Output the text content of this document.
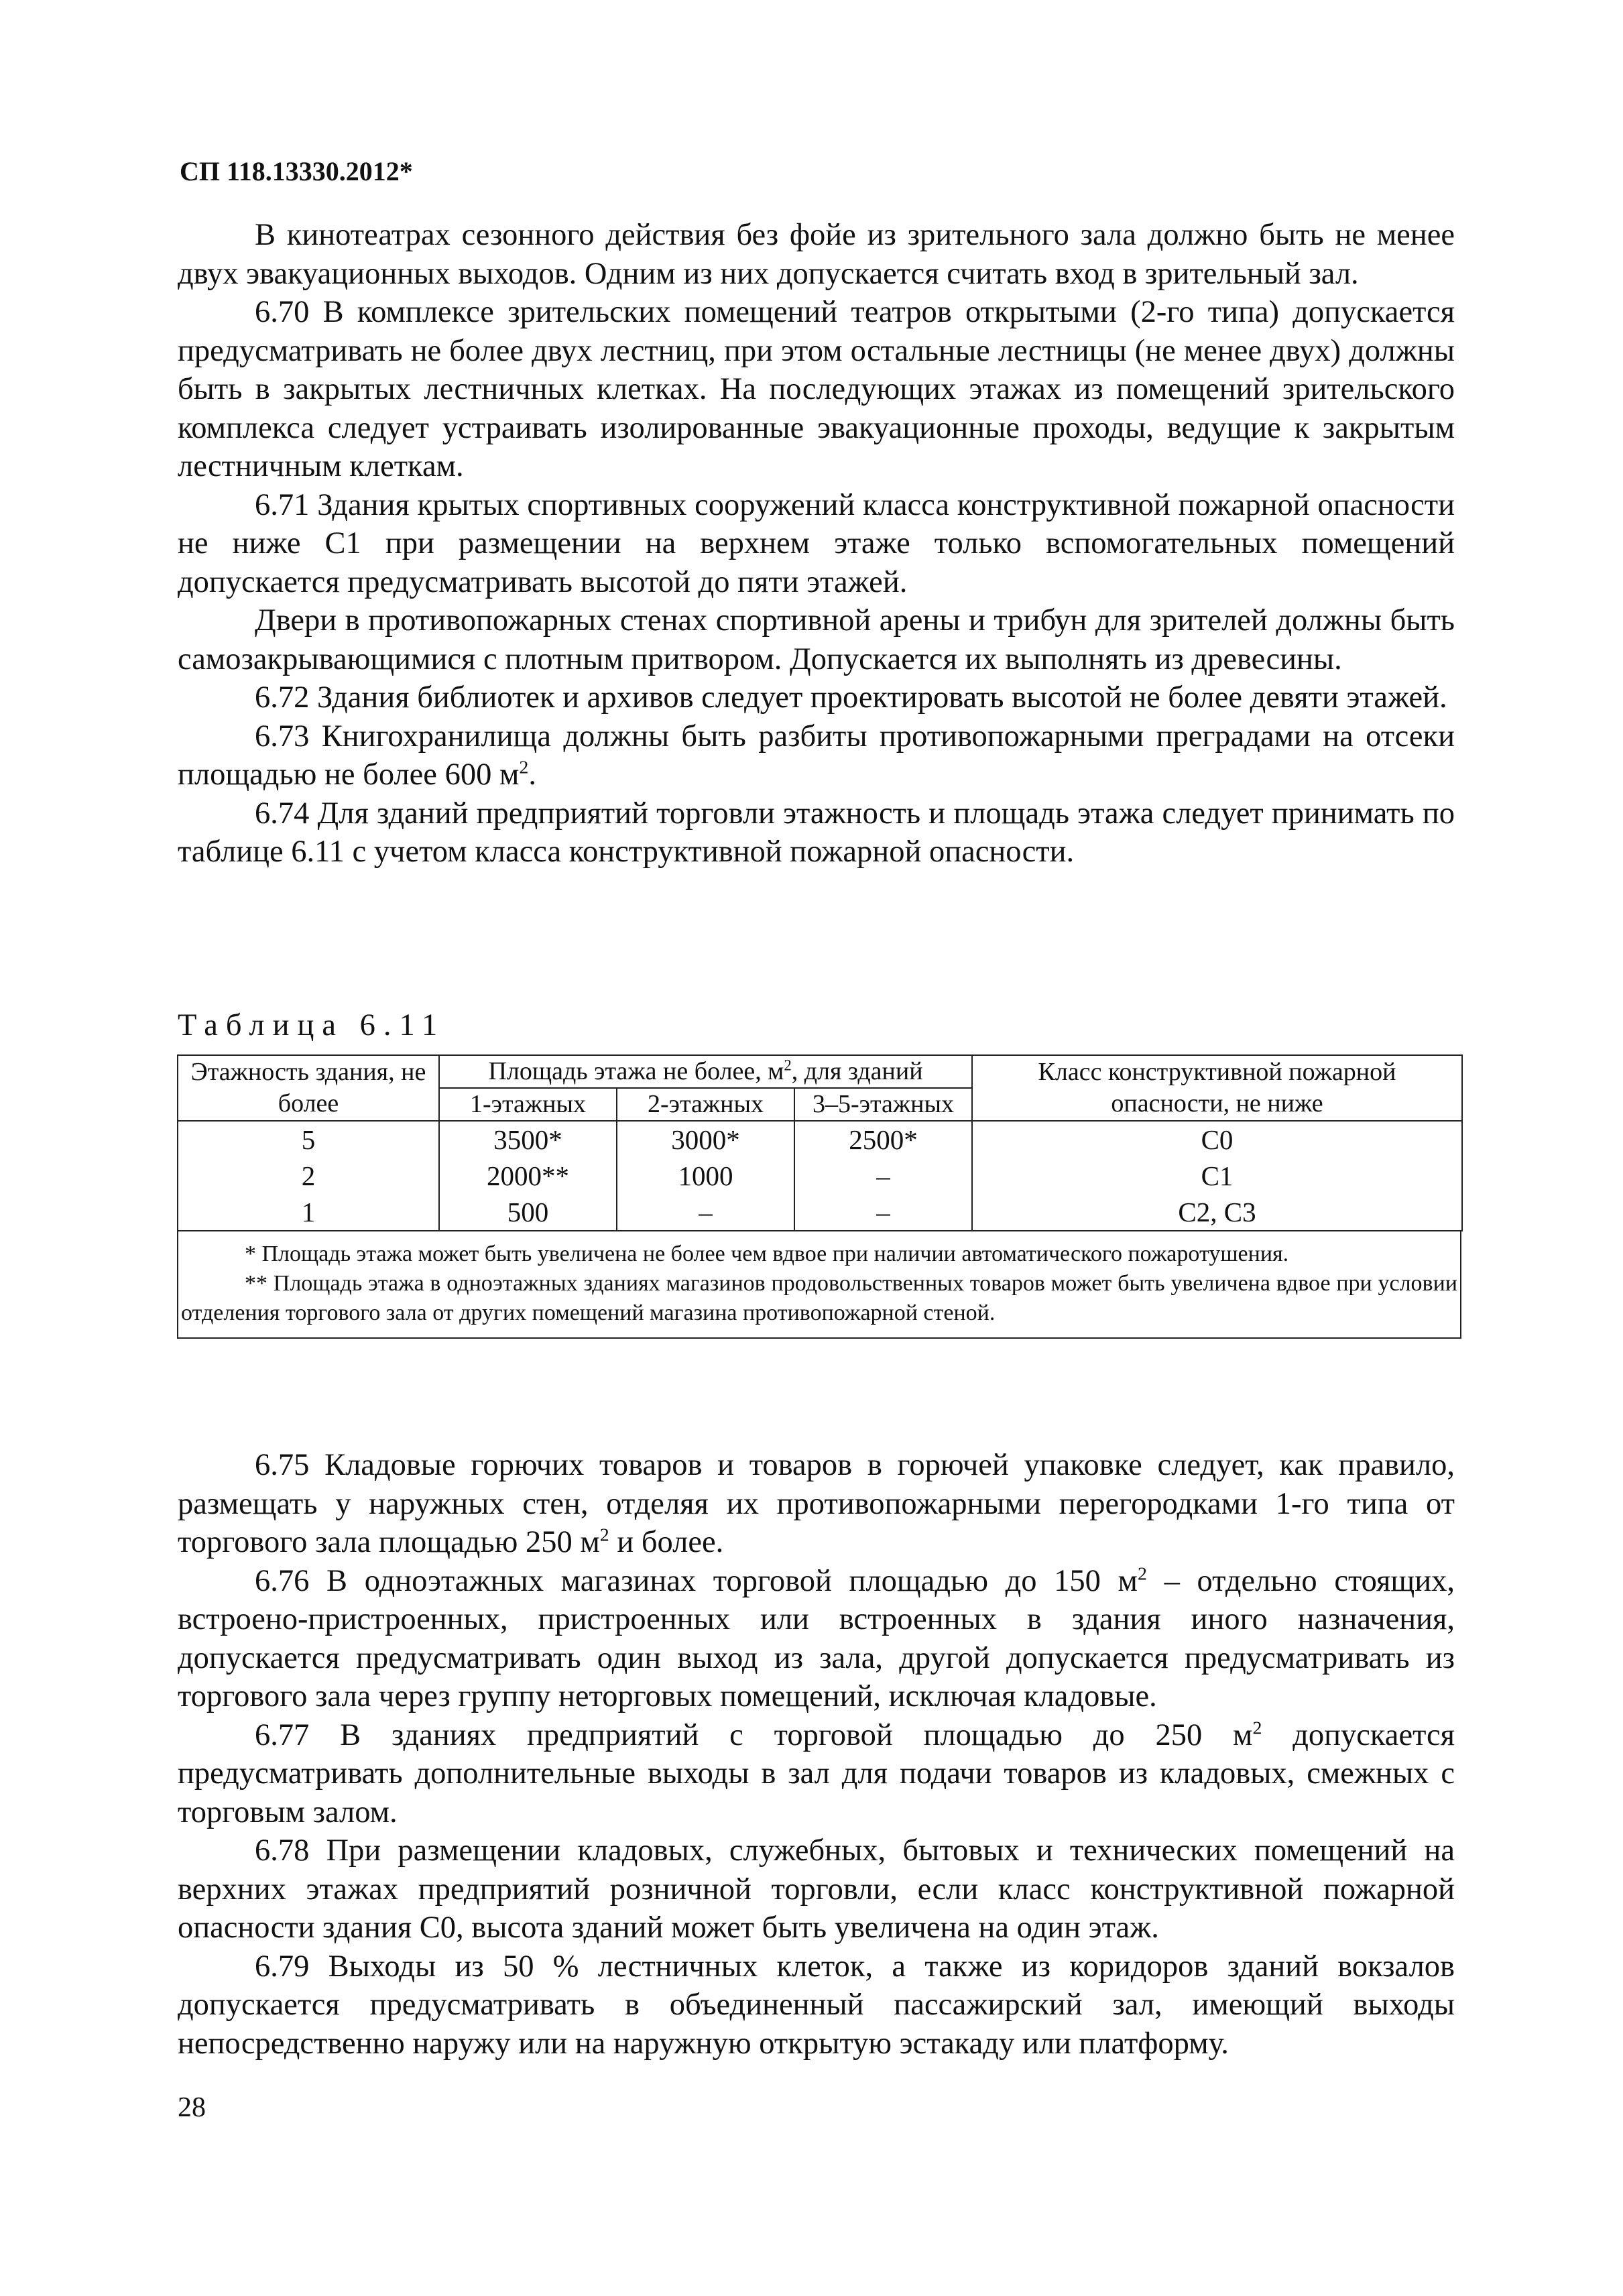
СП 118.13330.2012*

В кинотеатрах сезонного действия без фойе из зрительного зала должно быть не менее двух эвакуационных выходов. Одним из них допускается считать вход в зрительный зал.

6.70 В комплексе зрительских помещений театров открытыми (2-го типа) допускается предусматривать не более двух лестниц, при этом остальные лестницы (не менее двух) должны быть в закрытых лестничных клетках. На последующих этажах из помещений зрительского комплекса следует устраивать изолированные эвакуационные проходы, ведущие к закрытым лестничным клеткам.

6.71 Здания крытых спортивных сооружений класса конструктивной пожарной опасности не ниже С1 при размещении на верхнем этаже только вспомогательных помещений допускается предусматривать высотой до пяти этажей.

Двери в противопожарных стенах спортивной арены и трибун для зрителей должны быть самозакрывающимися с плотным притвором. Допускается их выполнять из древесины.

6.72 Здания библиотек и архивов следует проектировать высотой не более девяти этажей.

6.73 Книгохранилища должны быть разбиты противопожарными преградами на отсеки площадью не более 600 $м^2$.

6.74 Для зданий предприятий торговли этажность и площадь этажа следует принимать по таблице 6.11 с учетом класса конструктивной пожарной опасности.

Таблица 6.11
Этажность здания, не более	Площадь этажа не более, $м^2$, для зданий			Класс конструктивной пожарной опасности, не ниже
	1-этажных	2-этажных	3–5-этажных	
5	3500*	3000*	2500*	С0
2	2000**	1000	–	С1
1	500	–	–	С2, С3

* Площадь этажа может быть увеличена не более чем вдвое при наличии автоматического пожаротушения.

** Площадь этажа в одноэтажных зданиях магазинов продовольственных товаров может быть увеличена вдвое при условии отделения торгового зала от других помещений магазина противопожарной стеной.

6.75 Кладовые горючих товаров и товаров в горючей упаковке следует, как правило, размещать у наружных стен, отделяя их противопожарными перегородками 1-го типа от торгового зала площадью 250 $м^2$ и более.

6.76 В одноэтажных магазинах торговой площадью до 150 $м^2$ – отдельно стоящих, встроено-пристроенных, пристроенных или встроенных в здания иного назначения, допускается предусматривать один выход из зала, другой допускается предусматривать из торгового зала через группу неторговых помещений, исключая кладовые.

6.77 В зданиях предприятий с торговой площадью до 250 $м^2$ допускается предусматривать дополнительные выходы в зал для подачи товаров из кладовых, смежных с торговым залом.

6.78 При размещении кладовых, служебных, бытовых и технических помещений на верхних этажах предприятий розничной торговли, если класс конструктивной пожарной опасности здания С0, высота зданий может быть увеличена на один этаж.

6.79 Выходы из 50 % лестничных клеток, а также из коридоров зданий вокзалов допускается предусматривать в объединенный пассажирский зал, имеющий выходы непосредственно наружу или на наружную открытую эстакаду или платформу.

28
